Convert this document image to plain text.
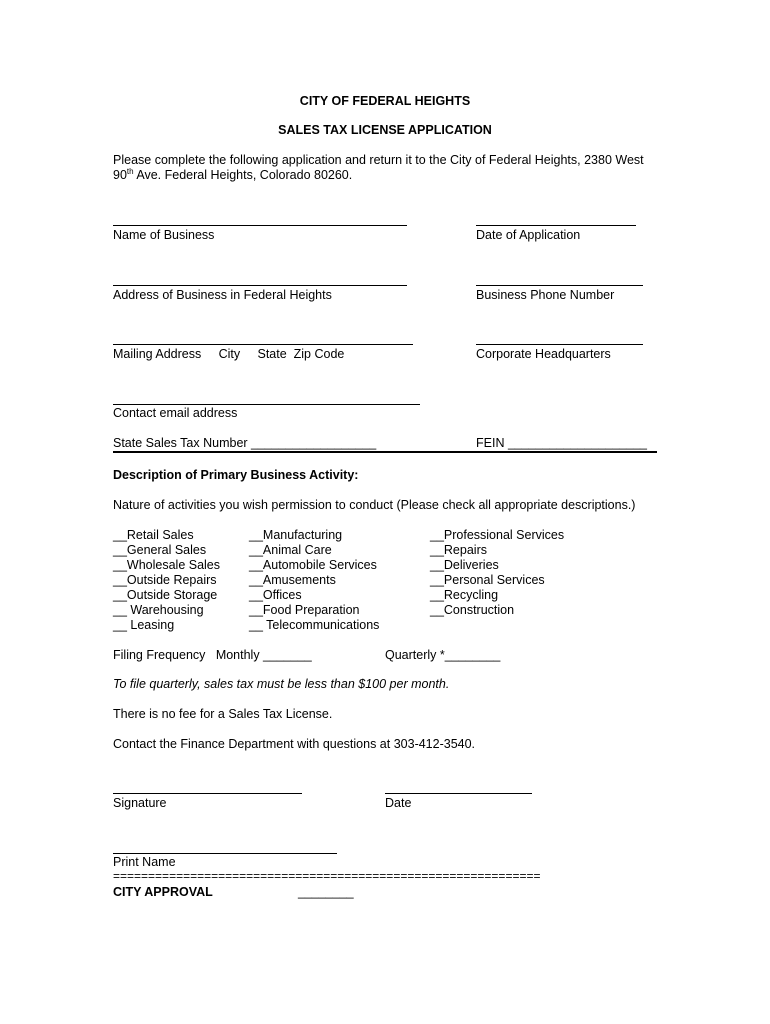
CITY OF FEDERAL HEIGHTS
SALES TAX LICENSE APPLICATION
Please complete the following application and return it to the City of Federal Heights, 2380 West
90th Ave. Federal Heights, Colorado 80260.
Name of Business	Date of Application
Address of Business in Federal Heights	Business Phone Number
Mailing Address     City     State  Zip Code	Corporate Headquarters
Contact email address
State Sales Tax Number __________________	FEIN ____________________
Description of Primary Business Activity:
Nature of activities you wish permission to conduct (Please check all appropriate descriptions.)
__Retail Sales
__General Sales
__Wholesale Sales
__Outside Repairs
__Outside Storage
__ Warehousing
__ Leasing
__Manufacturing
__Animal Care
__Automobile Services
__Amusements
__Offices
__Food Preparation
__ Telecommunications
__Professional Services
__Repairs
__Deliveries
__Personal Services
__Recycling
__Construction
Filing Frequency   Monthly _______	Quarterly *________
To file quarterly, sales tax must be less than $100 per month.
There is no fee for a Sales Tax License.
Contact the Finance Department with questions at 303-412-3540.
Signature	Date
Print Name
=============================================================
CITY APPROVAL	________
